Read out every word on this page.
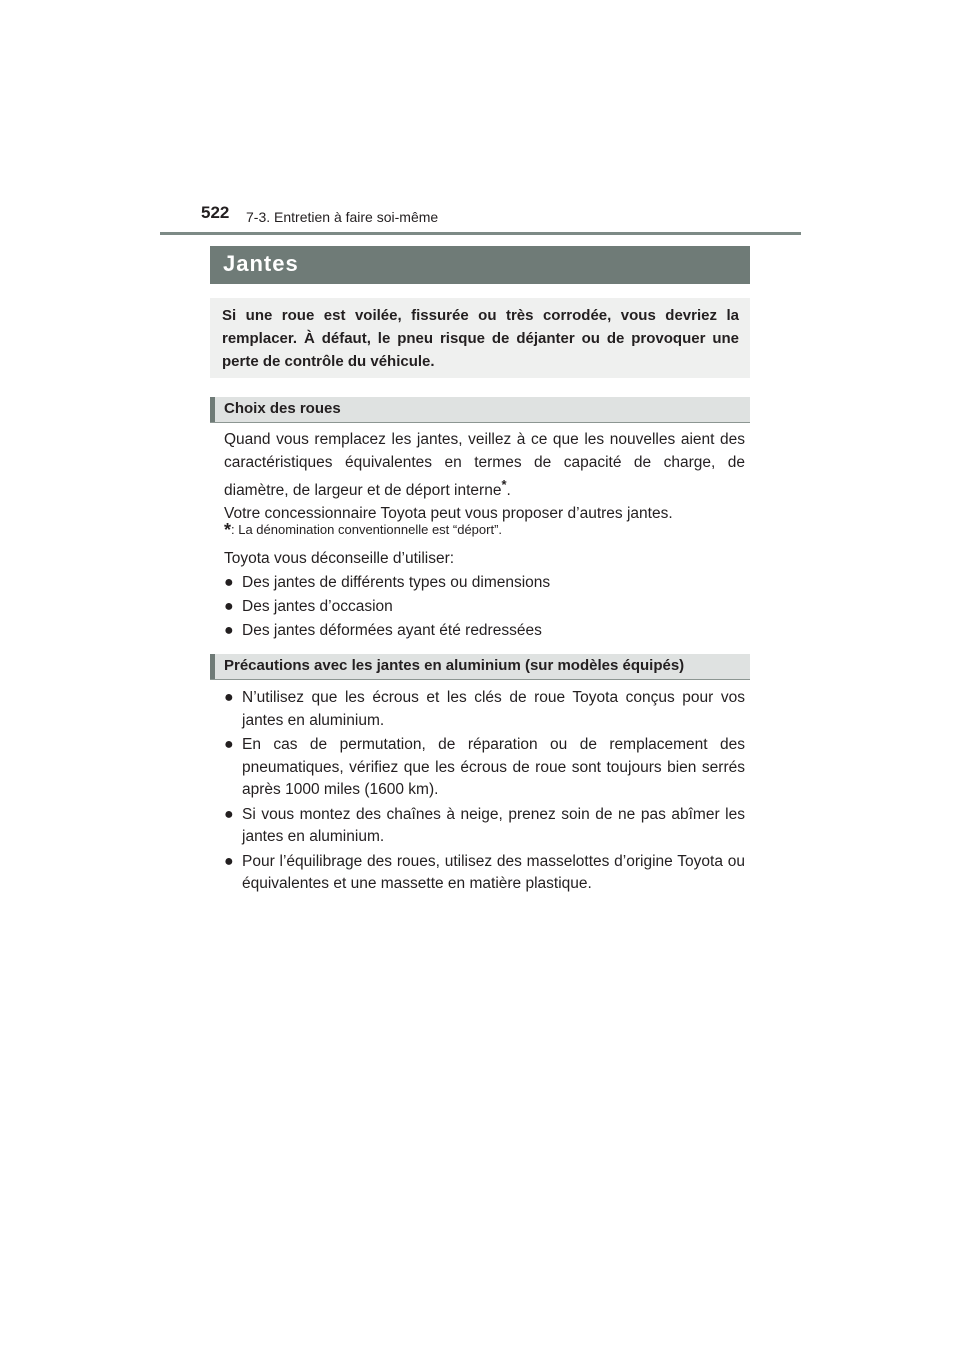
522 7-3. Entretien à faire soi-même
Jantes
Si une roue est voilée, fissurée ou très corrodée, vous devriez la remplacer. À défaut, le pneu risque de déjanter ou de provoquer une perte de contrôle du véhicule.
Choix des roues

Quand vous remplacez les jantes, veillez à ce que les nouvelles aient des caractéristiques équivalentes en termes de capacité de charge, de diamètre, de largeur et de déport interne*.

Votre concessionnaire Toyota peut vous proposer d’autres jantes.

*: La dénomination conventionnelle est “déport”.
Toyota vous déconseille d’utiliser:
● Des jantes de différents types ou dimensions
● Des jantes d’occasion
● Des jantes déformées ayant été redressées
Précautions avec les jantes en aluminium (sur modèles équipés)
● N’utilisez que les écrous et les clés de roue Toyota conçus pour vos jantes en aluminium.
● En cas de permutation, de réparation ou de remplacement des pneumatiques, vérifiez que les écrous de roue sont toujours bien serrés après 1000 miles (1600 km).
● Si vous montez des chaînes à neige, prenez soin de ne pas abîmer les jantes en aluminium.
● Pour l’équilibrage des roues, utilisez des masselottes d’origine Toyota ou équivalentes et une massette en matière plastique.
